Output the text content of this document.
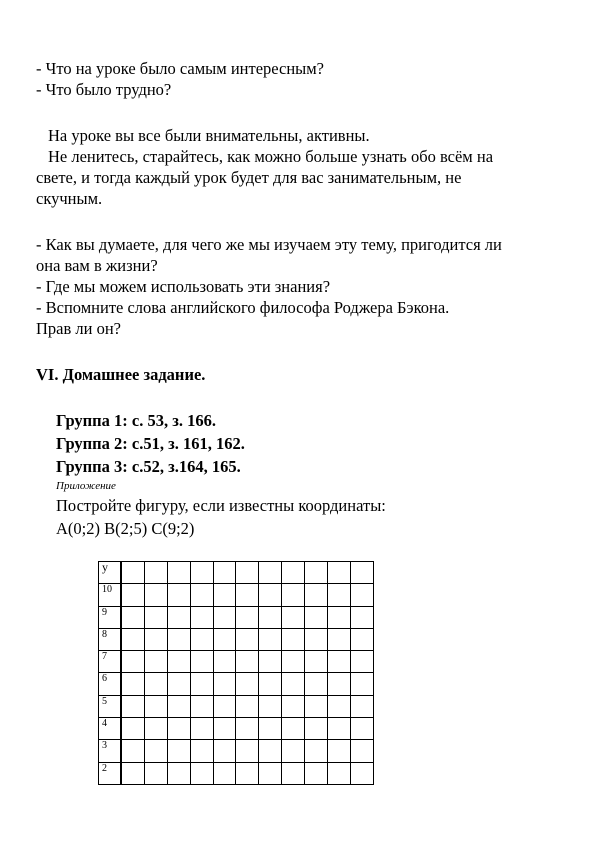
- Что на уроке было самым интересным?
- Что было трудно?
На уроке вы все были внимательны, активны.
Не ленитесь, старайтесь, как можно больше узнать обо всём на
свете, и тогда каждый урок будет для вас занимательным, не
скучным.
- Как вы думаете, для чего же мы изучаем эту тему, пригодится ли
она вам в жизни?
- Где мы можем использовать эти знания?
- Вспомните слова английского философа Роджера Бэкона.
Прав ли он?
VI. Домашнее задание.
Группа 1: с. 53, з. 166.
Группа 2: с.51, з. 161, 162.
Группа 3: с.52, з.164, 165.
Приложение
Постройте фигуру, если известны координаты:
А(0;2) В(2;5) С(9;2)
у											
10											
9											
8											
7											
6											
5											
4											
3											
2											
